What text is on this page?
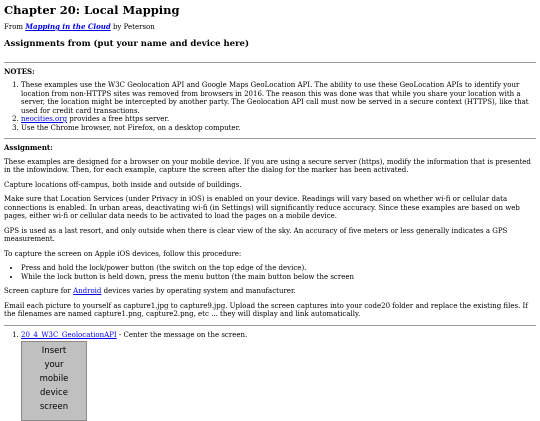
Chapter 20: Local Mapping

From Mapping in the Cloud by Peterson

Assignments from (put your name and device here)
NOTES:
1. These examples use the W3C Geolocation API and Google Maps GeoLocation API. The ability to use these GeoLocation APIs to identify your location from non-HTTPS sites was removed from browsers in 2016. The reason this was done was that while you share your location with a server, the location might be intercepted by another party. The Geolocation API call must now be served in a secure context (HTTPS), like that used for credit card transactions.
2. neocities.org provides a free https server.
3. Use the Chrome browser, not Firefox, on a desktop computer.
Assignment:

These examples are designed for a browser on your mobile device. If you are using a secure server (https), modify the information that is presented in the infowindow. Then, for each example, capture the screen after the dialog for the marker has been activated.

Capture locations off-campus, both inside and outside of buildings.

Make sure that Location Services (under Privacy in iOS) is enabled on your device. Readings will vary based on whether wi-fi or cellular data connections is enabled. In urban areas, deactivating wi-fi (in Settings) will significantly reduce accuracy. Since these examples are based on web pages, either wi-fi or cellular data needs to be activated to load the pages on a mobile device.

GPS is used as a last resort, and only outside when there is clear view of the sky. An accuracy of five meters or less generally indicates a GPS measurement.

To capture the screen on Apple iOS devices, follow this procedure:

• Press and hold the lock/power button (the switch on the top edge of the device).
• While the lock button is held down, press the menu button (the main button below the screen

Screen capture for Android devices varies by operating system and manufacturer.

Email each picture to yourself as capture1.jpg to capture9.jpg. Upload the screen captures into your code20 folder and replace the existing files. If the filenames are named capture1.png, capture2.png, etc ... they will display and link automatically.

1. 20_4_W3C_GeolocationAPI - Center the message on the screen.
Insert
your
mobile
device
screen
